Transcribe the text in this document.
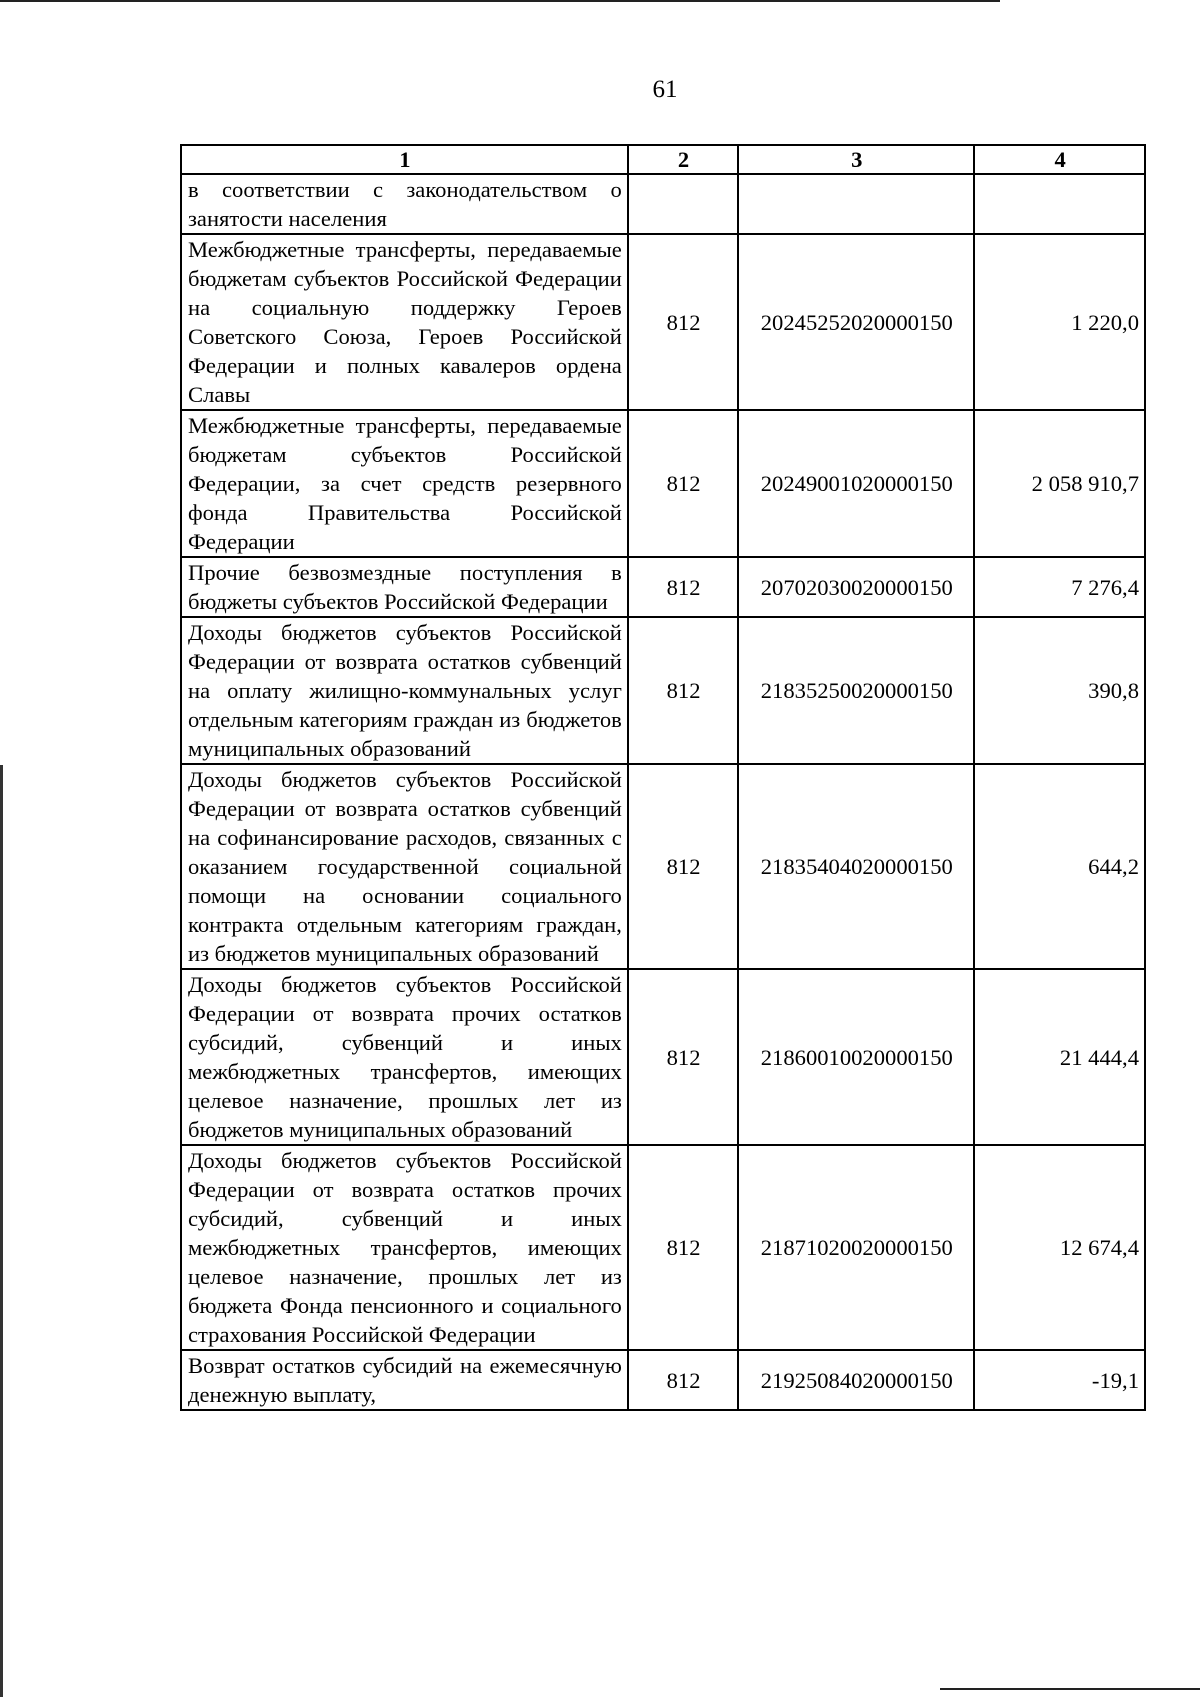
61
1	2	3	4
в соответствии с законодательством о занятости населения			
Межбюджетные трансферты, передаваемые бюджетам субъектов Российской Федерации на социальную поддержку Героев Советского Союза, Героев Российской Федерации и полных кавалеров ордена Славы	812	20245252020000150	1 220,0
Межбюджетные трансферты, передаваемые бюджетам субъектов Российской Федерации, за счет средств резервного фонда Правительства Российской Федерации	812	20249001020000150	2 058 910,7
Прочие безвозмездные поступления в бюджеты субъектов Российской Федерации	812	20702030020000150	7 276,4
Доходы бюджетов субъектов Российской Федерации от возврата остатков субвенций на оплату жилищно-коммунальных услуг отдельным категориям граждан из бюджетов муниципальных образований	812	21835250020000150	390,8
Доходы бюджетов субъектов Российской Федерации от возврата остатков субвенций на софинансирование расходов, связанных с оказанием государственной социальной помощи на основании социального контракта отдельным категориям граждан, из бюджетов муниципальных образований	812	21835404020000150	644,2
Доходы бюджетов субъектов Российской Федерации от возврата прочих остатков субсидий, субвенций и иных межбюджетных трансфертов, имеющих целевое назначение, прошлых лет из бюджетов муниципальных образований	812	21860010020000150	21 444,4
Доходы бюджетов субъектов Российской Федерации от возврата остатков прочих субсидий, субвенций и иных межбюджетных трансфертов, имеющих целевое назначение, прошлых лет из бюджета Фонда пенсионного и социального страхования Российской Федерации	812	21871020020000150	12 674,4
Возврат остатков субсидий на ежемесячную денежную выплату,	812	21925084020000150	-19,1
